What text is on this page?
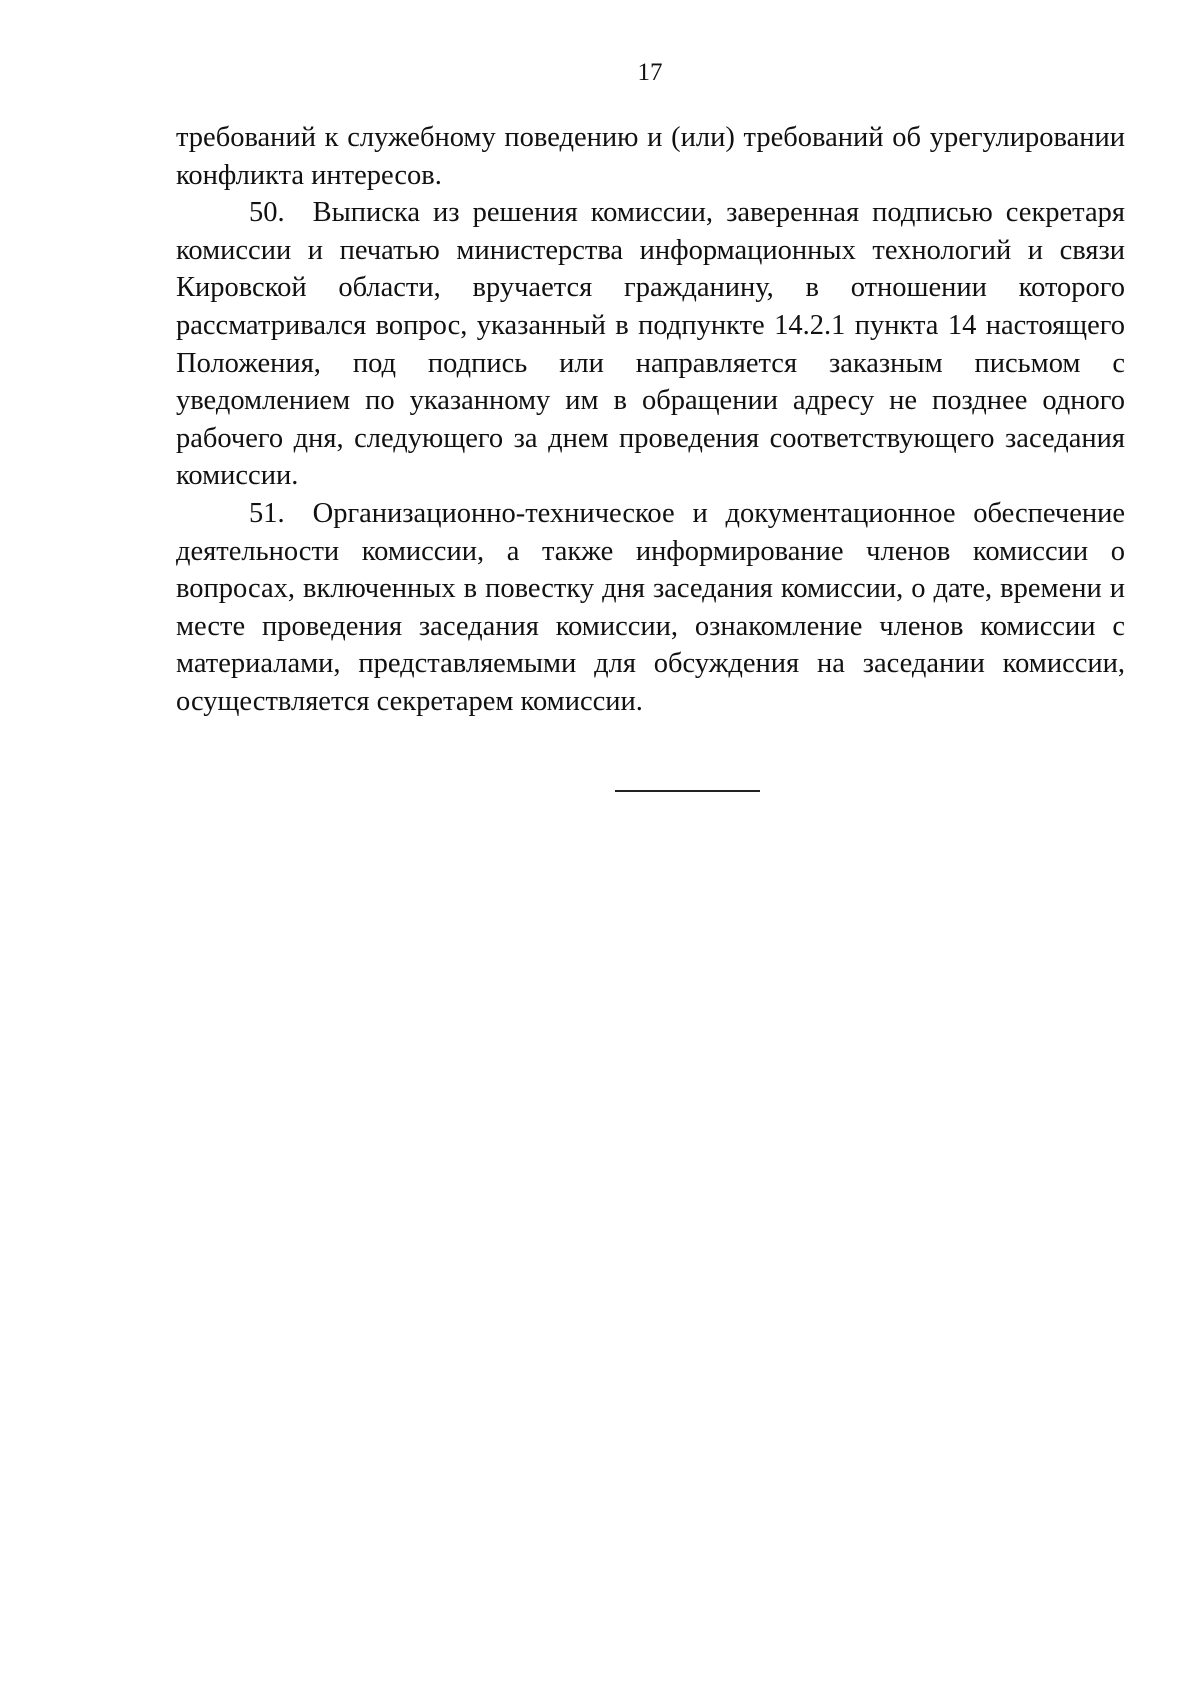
17
требований к служебному поведению и (или) требований об урегулировании
конфликта интересов.
50. Выписка из решения комиссии, заверенная подписью секретаря
комиссии и печатью министерства информационных технологий и связи
Кировской области, вручается гражданину, в отношении которого
рассматривался вопрос, указанный в подпункте 14.2.1 пункта 14 настоящего
Положения, под подпись или направляется заказным письмом с
уведомлением по указанному им в обращении адресу не позднее одного
рабочего дня, следующего за днем проведения соответствующего заседания
комиссии.
51. Организационно-техническое и документационное обеспечение
деятельности комиссии, а также информирование членов комиссии о
вопросах, включенных в повестку дня заседания комиссии, о дате, времени и
месте проведения заседания комиссии, ознакомление членов комиссии с
материалами, представляемыми для обсуждения на заседании комиссии,
осуществляется секретарем комиссии.
